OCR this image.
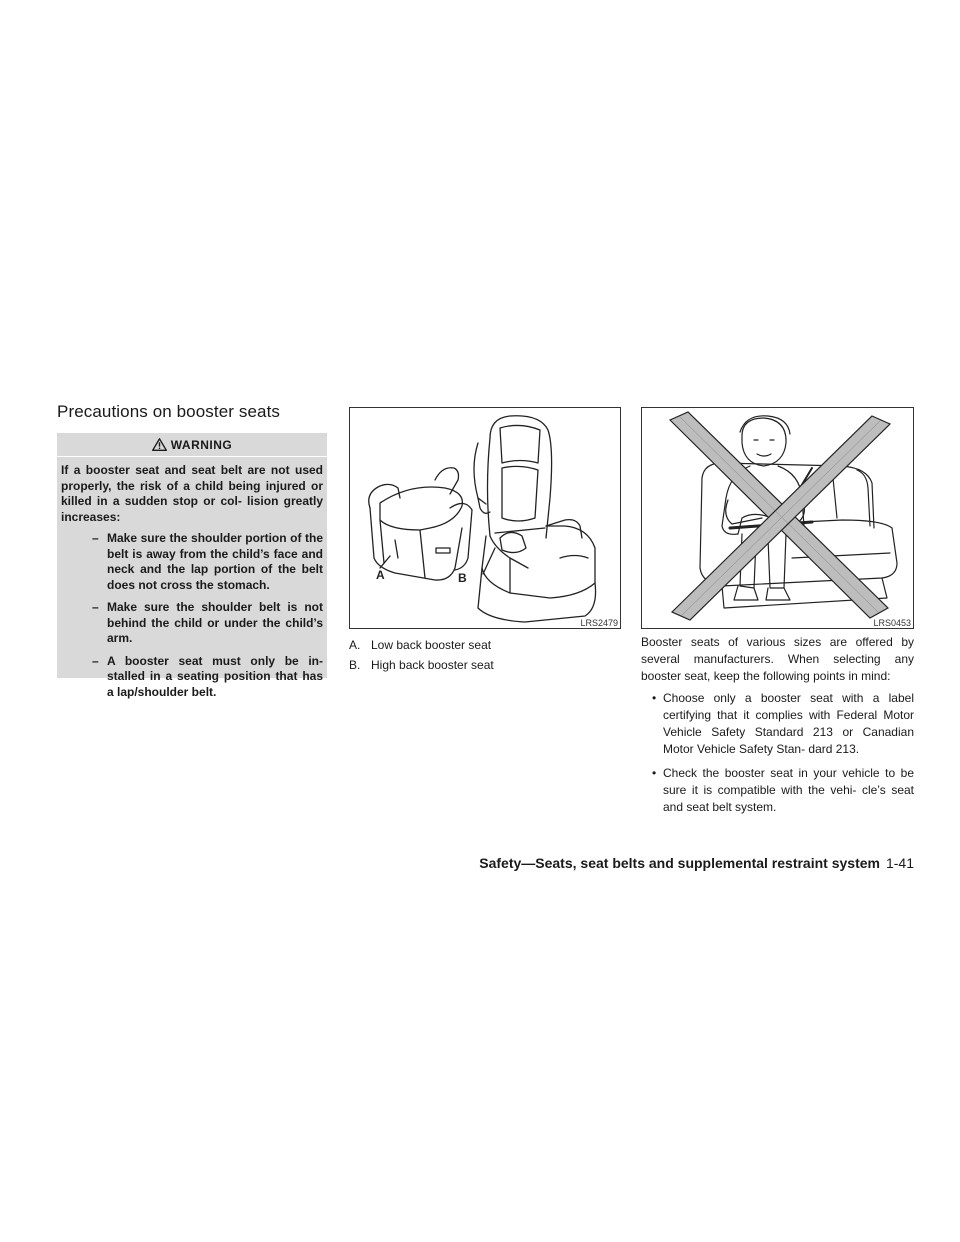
Precautions on booster seats
WARNING

If a booster seat and seat belt are not used properly, the risk of a child being injured or killed in a sudden stop or col- lision greatly increases:

– Make sure the shoulder portion of the belt is away from the child’s face and neck and the lap portion of the belt does not cross the stomach.
– Make sure the shoulder belt is not behind the child or under the child’s arm.
– A booster seat must only be in- stalled in a seating position that has a lap/shoulder belt.
A	B
LRS2479
A. Low back booster seat
B. High back booster seat
LRS0453

Booster seats of various sizes are offered by several manufacturers. When selecting any booster seat, keep the following points in mind:

• Choose only a booster seat with a label certifying that it complies with Federal Motor Vehicle Safety Standard 213 or Canadian Motor Vehicle Safety Stan- dard 213.
• Check the booster seat in your vehicle to be sure it is compatible with the vehi- cle’s seat and seat belt system.
Safety—Seats, seat belts and supplemental restraint system 1-41
